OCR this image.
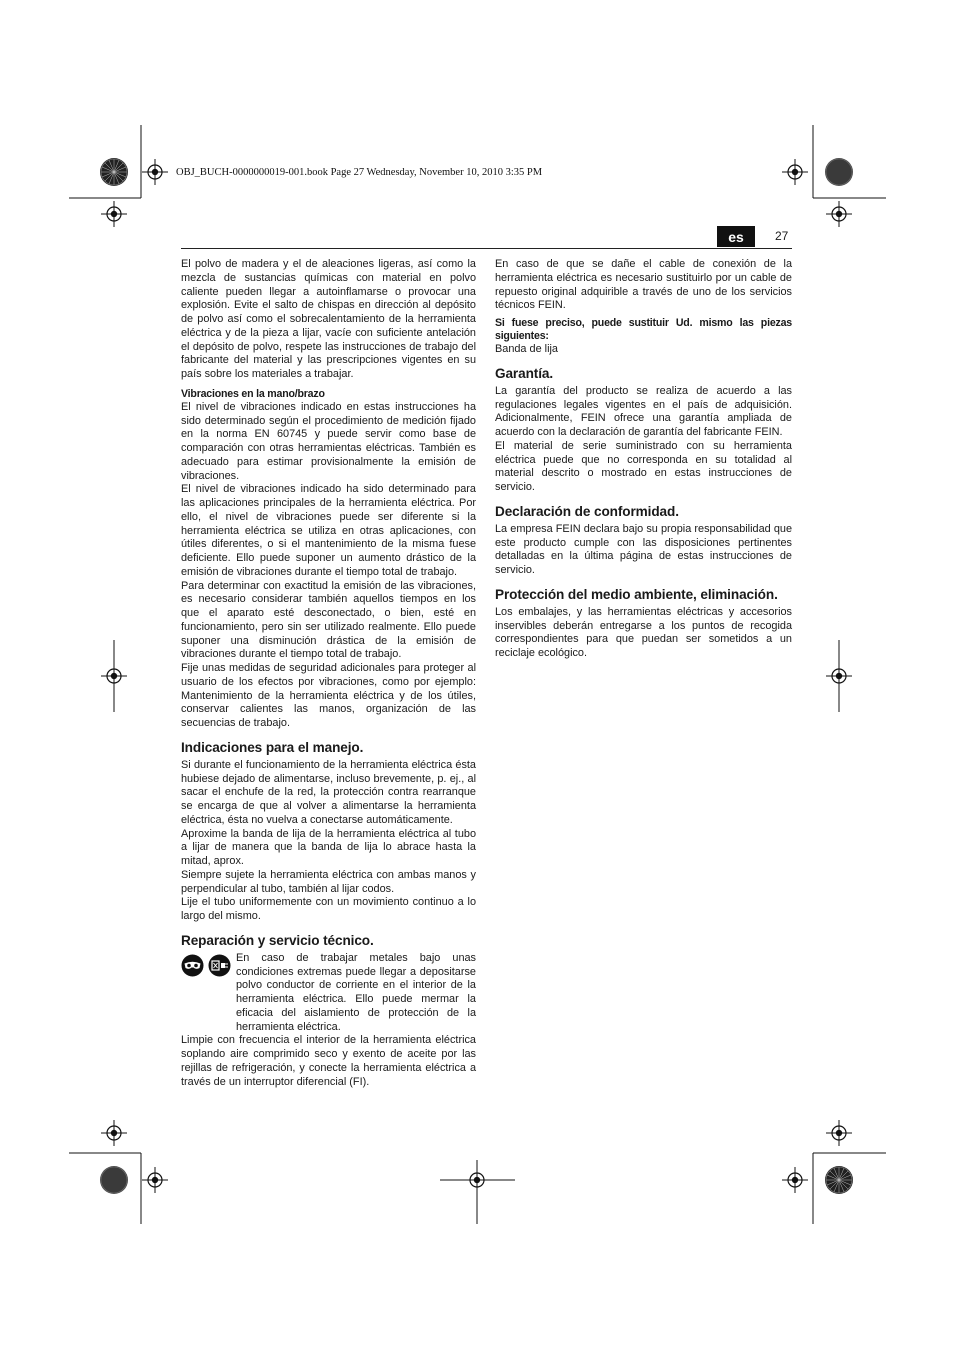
OBJ_BUCH-0000000019-001.book Page 27 Wednesday, November 10, 2010 3:35 PM
es	27

El polvo de madera y el de aleaciones ligeras, así como la mezcla de sustancias químicas con material en polvo caliente pueden llegar a autoinflamarse o provocar una explosión. Evite el salto de chispas en dirección al depósito de polvo así como el sobrecalentamiento de la herramienta eléctrica y de la pieza a lijar, vacíe con suficiente antelación el depósito de polvo, respete las instrucciones de trabajo del fabricante del material y las prescripciones vigentes en su país sobre los materiales a trabajar.

Vibraciones en la mano/brazo

El nivel de vibraciones indicado en estas instrucciones ha sido determinado según el procedimiento de medición fijado en la norma EN 60745 y puede servir como base de comparación con otras herramientas eléctricas. También es adecuado para estimar provisionalmente la emisión de vibraciones.

El nivel de vibraciones indicado ha sido determinado para las aplicaciones principales de la herramienta eléctrica. Por ello, el nivel de vibraciones puede ser diferente si la herramienta eléctrica se utiliza en otras aplicaciones, con útiles diferentes, o si el mantenimiento de la misma fuese deficiente. Ello puede suponer un aumento drástico de la emisión de vibraciones durante el tiempo total de trabajo.

Para determinar con exactitud la emisión de las vibraciones, es necesario considerar también aquellos tiempos en los que el aparato esté desconectado, o bien, esté en funcionamiento, pero sin ser utilizado realmente. Ello puede suponer una disminución drástica de la emisión de vibraciones durante el tiempo total de trabajo.

Fije unas medidas de seguridad adicionales para proteger al usuario de los efectos por vibraciones, como por ejemplo: Mantenimiento de la herramienta eléctrica y de los útiles, conservar calientes las manos, organización de las secuencias de trabajo.

Indicaciones para el manejo.

Si durante el funcionamiento de la herramienta eléctrica ésta hubiese dejado de alimentarse, incluso brevemente, p. ej., al sacar el enchufe de la red, la protección contra rearranque se encarga de que al volver a alimentarse la herramienta eléctrica, ésta no vuelva a conectarse automáticamente.

Aproxime la banda de lija de la herramienta eléctrica al tubo a lijar de manera que la banda de lija lo abrace hasta la mitad, aprox.

Siempre sujete la herramienta eléctrica con ambas manos y perpendicular al tubo, también al lijar codos.

Lije el tubo uniformemente con un movimiento continuo a lo largo del mismo.

Reparación y servicio técnico.

En caso de trabajar metales bajo unas condiciones extremas puede llegar a depositarse polvo conductor de corriente en el interior de la herramienta eléctrica. Ello puede mermar la eficacia del aislamiento de protección de la herramienta eléctrica.

Limpie con frecuencia el interior de la herramienta eléctrica soplando aire comprimido seco y exento de aceite por las rejillas de refrigeración, y conecte la herramienta eléctrica a través de un interruptor diferencial (FI).

En caso de que se dañe el cable de conexión de la herramienta eléctrica es necesario sustituirlo por un cable de repuesto original adquirible a través de uno de los servicios técnicos FEIN.

Si fuese preciso, puede sustituir Ud. mismo las piezas siguientes:

Banda de lija

Garantía.

La garantía del producto se realiza de acuerdo a las regulaciones legales vigentes en el país de adquisición. Adicionalmente, FEIN ofrece una garantía ampliada de acuerdo con la declaración de garantía del fabricante FEIN.

El material de serie suministrado con su herramienta eléctrica puede que no corresponda en su totalidad al material descrito o mostrado en estas instrucciones de servicio.

Declaración de conformidad.

La empresa FEIN declara bajo su propia responsabilidad que este producto cumple con las disposiciones pertinentes detalladas en la última página de estas instrucciones de servicio.

Protección del medio ambiente, eliminación.

Los embalajes, y las herramientas eléctricas y accesorios inservibles deberán entregarse a los puntos de recogida correspondientes para que puedan ser sometidos a un reciclaje ecológico.
